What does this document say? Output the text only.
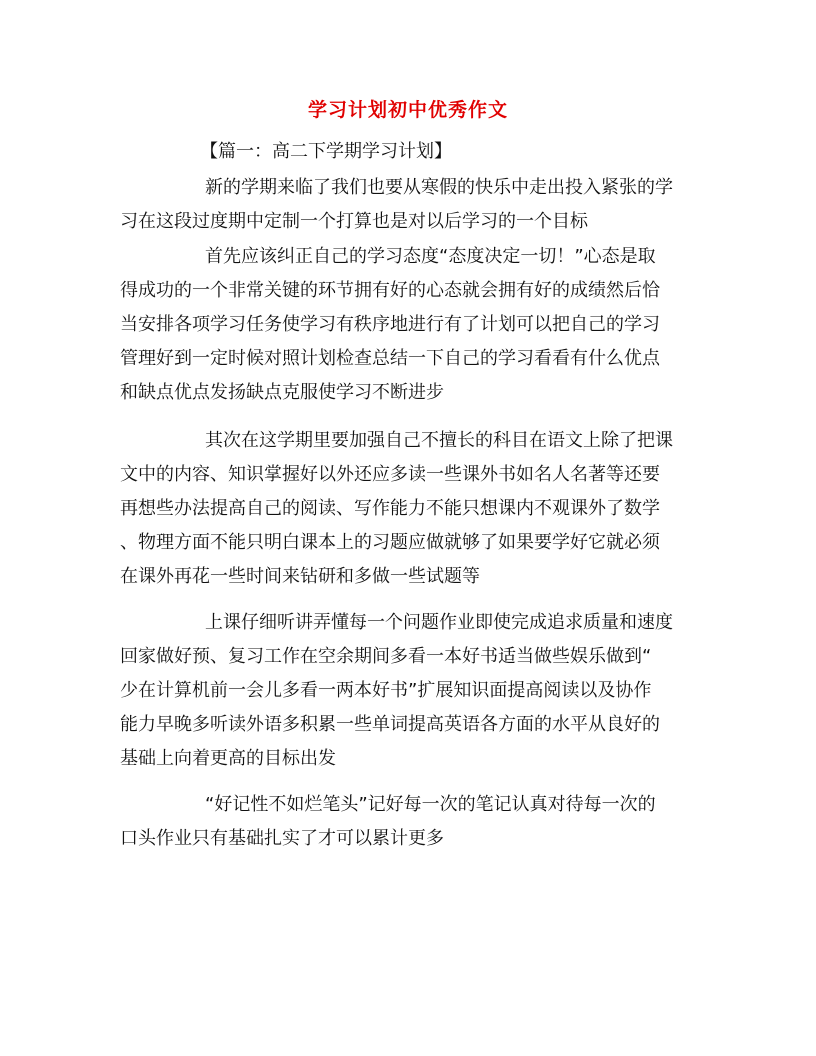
学习计划初中优秀作文
【篇一：高二下学期学习计划】
新的学期来临了我们也要从寒假的快乐中走出投入紧张的学
习在这段过度期中定制一个打算也是对以后学习的一个目标
首先应该纠正自己的学习态度“态度决定一切！”心态是取
得成功的一个非常关键的环节拥有好的心态就会拥有好的成绩然后恰
当安排各项学习任务使学习有秩序地进行有了计划可以把自己的学习
管理好到一定时候对照计划检查总结一下自己的学习看看有什么优点
和缺点优点发扬缺点克服使学习不断进步
其次在这学期里要加强自己不擅长的科目在语文上除了把课
文中的内容、知识掌握好以外还应多读一些课外书如名人名著等还要
再想些办法提高自己的阅读、写作能力不能只想课内不观课外了数学
、物理方面不能只明白课本上的习题应做就够了如果要学好它就必须
在课外再花一些时间来钻研和多做一些试题等
上课仔细听讲弄懂每一个问题作业即使完成追求质量和速度
回家做好预、复习工作在空余期间多看一本好书适当做些娱乐做到“
少在计算机前一会儿多看一两本好书”扩展知识面提高阅读以及协作
能力早晚多听读外语多积累一些单词提高英语各方面的水平从良好的
基础上向着更高的目标出发
“好记性不如烂笔头”记好每一次的笔记认真对待每一次的
口头作业只有基础扎实了才可以累计更多
